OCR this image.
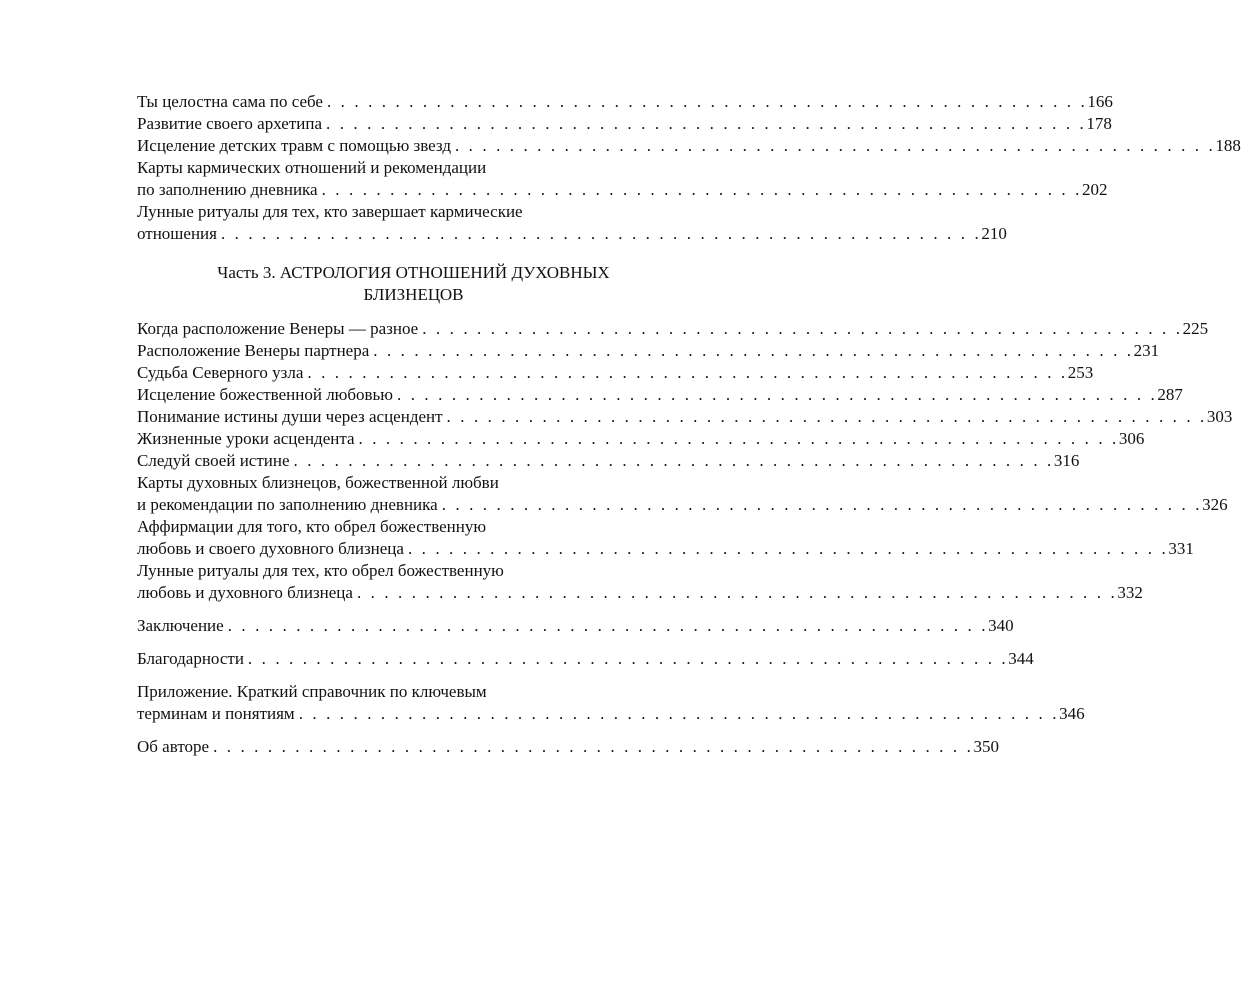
Ты целостна сама по себе . . . . . . . . . . . . . . . . . . . . . . . . . . . . . . . . . . . . . . . . . . . . . . . . . . . . . . . . 166
Развитие своего архетипа . . . . . . . . . . . . . . . . . . . . . . . . . . . . . . . . . . . . . . . . . . . . . . . . . . . . . . . . 178
Исцеление детских травм с помощью звезд . . . . . . . . . . . . . . . . . . . . . . . . . . . . . . . . . . . . . . . . . . . . . . . . . . . . . . . . 188
Карты кармических отношений и рекомендации
по заполнению дневника . . . . . . . . . . . . . . . . . . . . . . . . . . . . . . . . . . . . . . . . . . . . . . . . . . . . . . . . 202
Лунные ритуалы для тех, кто завершает кармические
отношения . . . . . . . . . . . . . . . . . . . . . . . . . . . . . . . . . . . . . . . . . . . . . . . . . . . . . . . . 210
Часть 3. АСТРОЛОГИЯ ОТНОШЕНИЙ ДУХОВНЫХ
БЛИЗНЕЦОВ
Когда расположение Венеры — разное . . . . . . . . . . . . . . . . . . . . . . . . . . . . . . . . . . . . . . . . . . . . . . . . . . . . . . . . 225
Расположение Венеры партнера . . . . . . . . . . . . . . . . . . . . . . . . . . . . . . . . . . . . . . . . . . . . . . . . . . . . . . . . 231
Судьба Северного узла . . . . . . . . . . . . . . . . . . . . . . . . . . . . . . . . . . . . . . . . . . . . . . . . . . . . . . . . 253
Исцеление божественной любовью . . . . . . . . . . . . . . . . . . . . . . . . . . . . . . . . . . . . . . . . . . . . . . . . . . . . . . . . 287
Понимание истины души через асцендент . . . . . . . . . . . . . . . . . . . . . . . . . . . . . . . . . . . . . . . . . . . . . . . . . . . . . . . . 303
Жизненные уроки асцендента . . . . . . . . . . . . . . . . . . . . . . . . . . . . . . . . . . . . . . . . . . . . . . . . . . . . . . . . 306
Следуй своей истине . . . . . . . . . . . . . . . . . . . . . . . . . . . . . . . . . . . . . . . . . . . . . . . . . . . . . . . . 316
Карты духовных близнецов, божественной любви
и рекомендации по заполнению дневника . . . . . . . . . . . . . . . . . . . . . . . . . . . . . . . . . . . . . . . . . . . . . . . . . . . . . . . . 326
Аффирмации для того, кто обрел божественную
любовь и своего духовного близнеца . . . . . . . . . . . . . . . . . . . . . . . . . . . . . . . . . . . . . . . . . . . . . . . . . . . . . . . . 331
Лунные ритуалы для тех, кто обрел божественную
любовь и духовного близнеца . . . . . . . . . . . . . . . . . . . . . . . . . . . . . . . . . . . . . . . . . . . . . . . . . . . . . . . . 332
Заключение . . . . . . . . . . . . . . . . . . . . . . . . . . . . . . . . . . . . . . . . . . . . . . . . . . . . . . . . 340
Благодарности . . . . . . . . . . . . . . . . . . . . . . . . . . . . . . . . . . . . . . . . . . . . . . . . . . . . . . . . 344
Приложение. Краткий справочник по ключевым
терминам и понятиям . . . . . . . . . . . . . . . . . . . . . . . . . . . . . . . . . . . . . . . . . . . . . . . . . . . . . . . . 346
Об авторе . . . . . . . . . . . . . . . . . . . . . . . . . . . . . . . . . . . . . . . . . . . . . . . . . . . . . . . . 350
